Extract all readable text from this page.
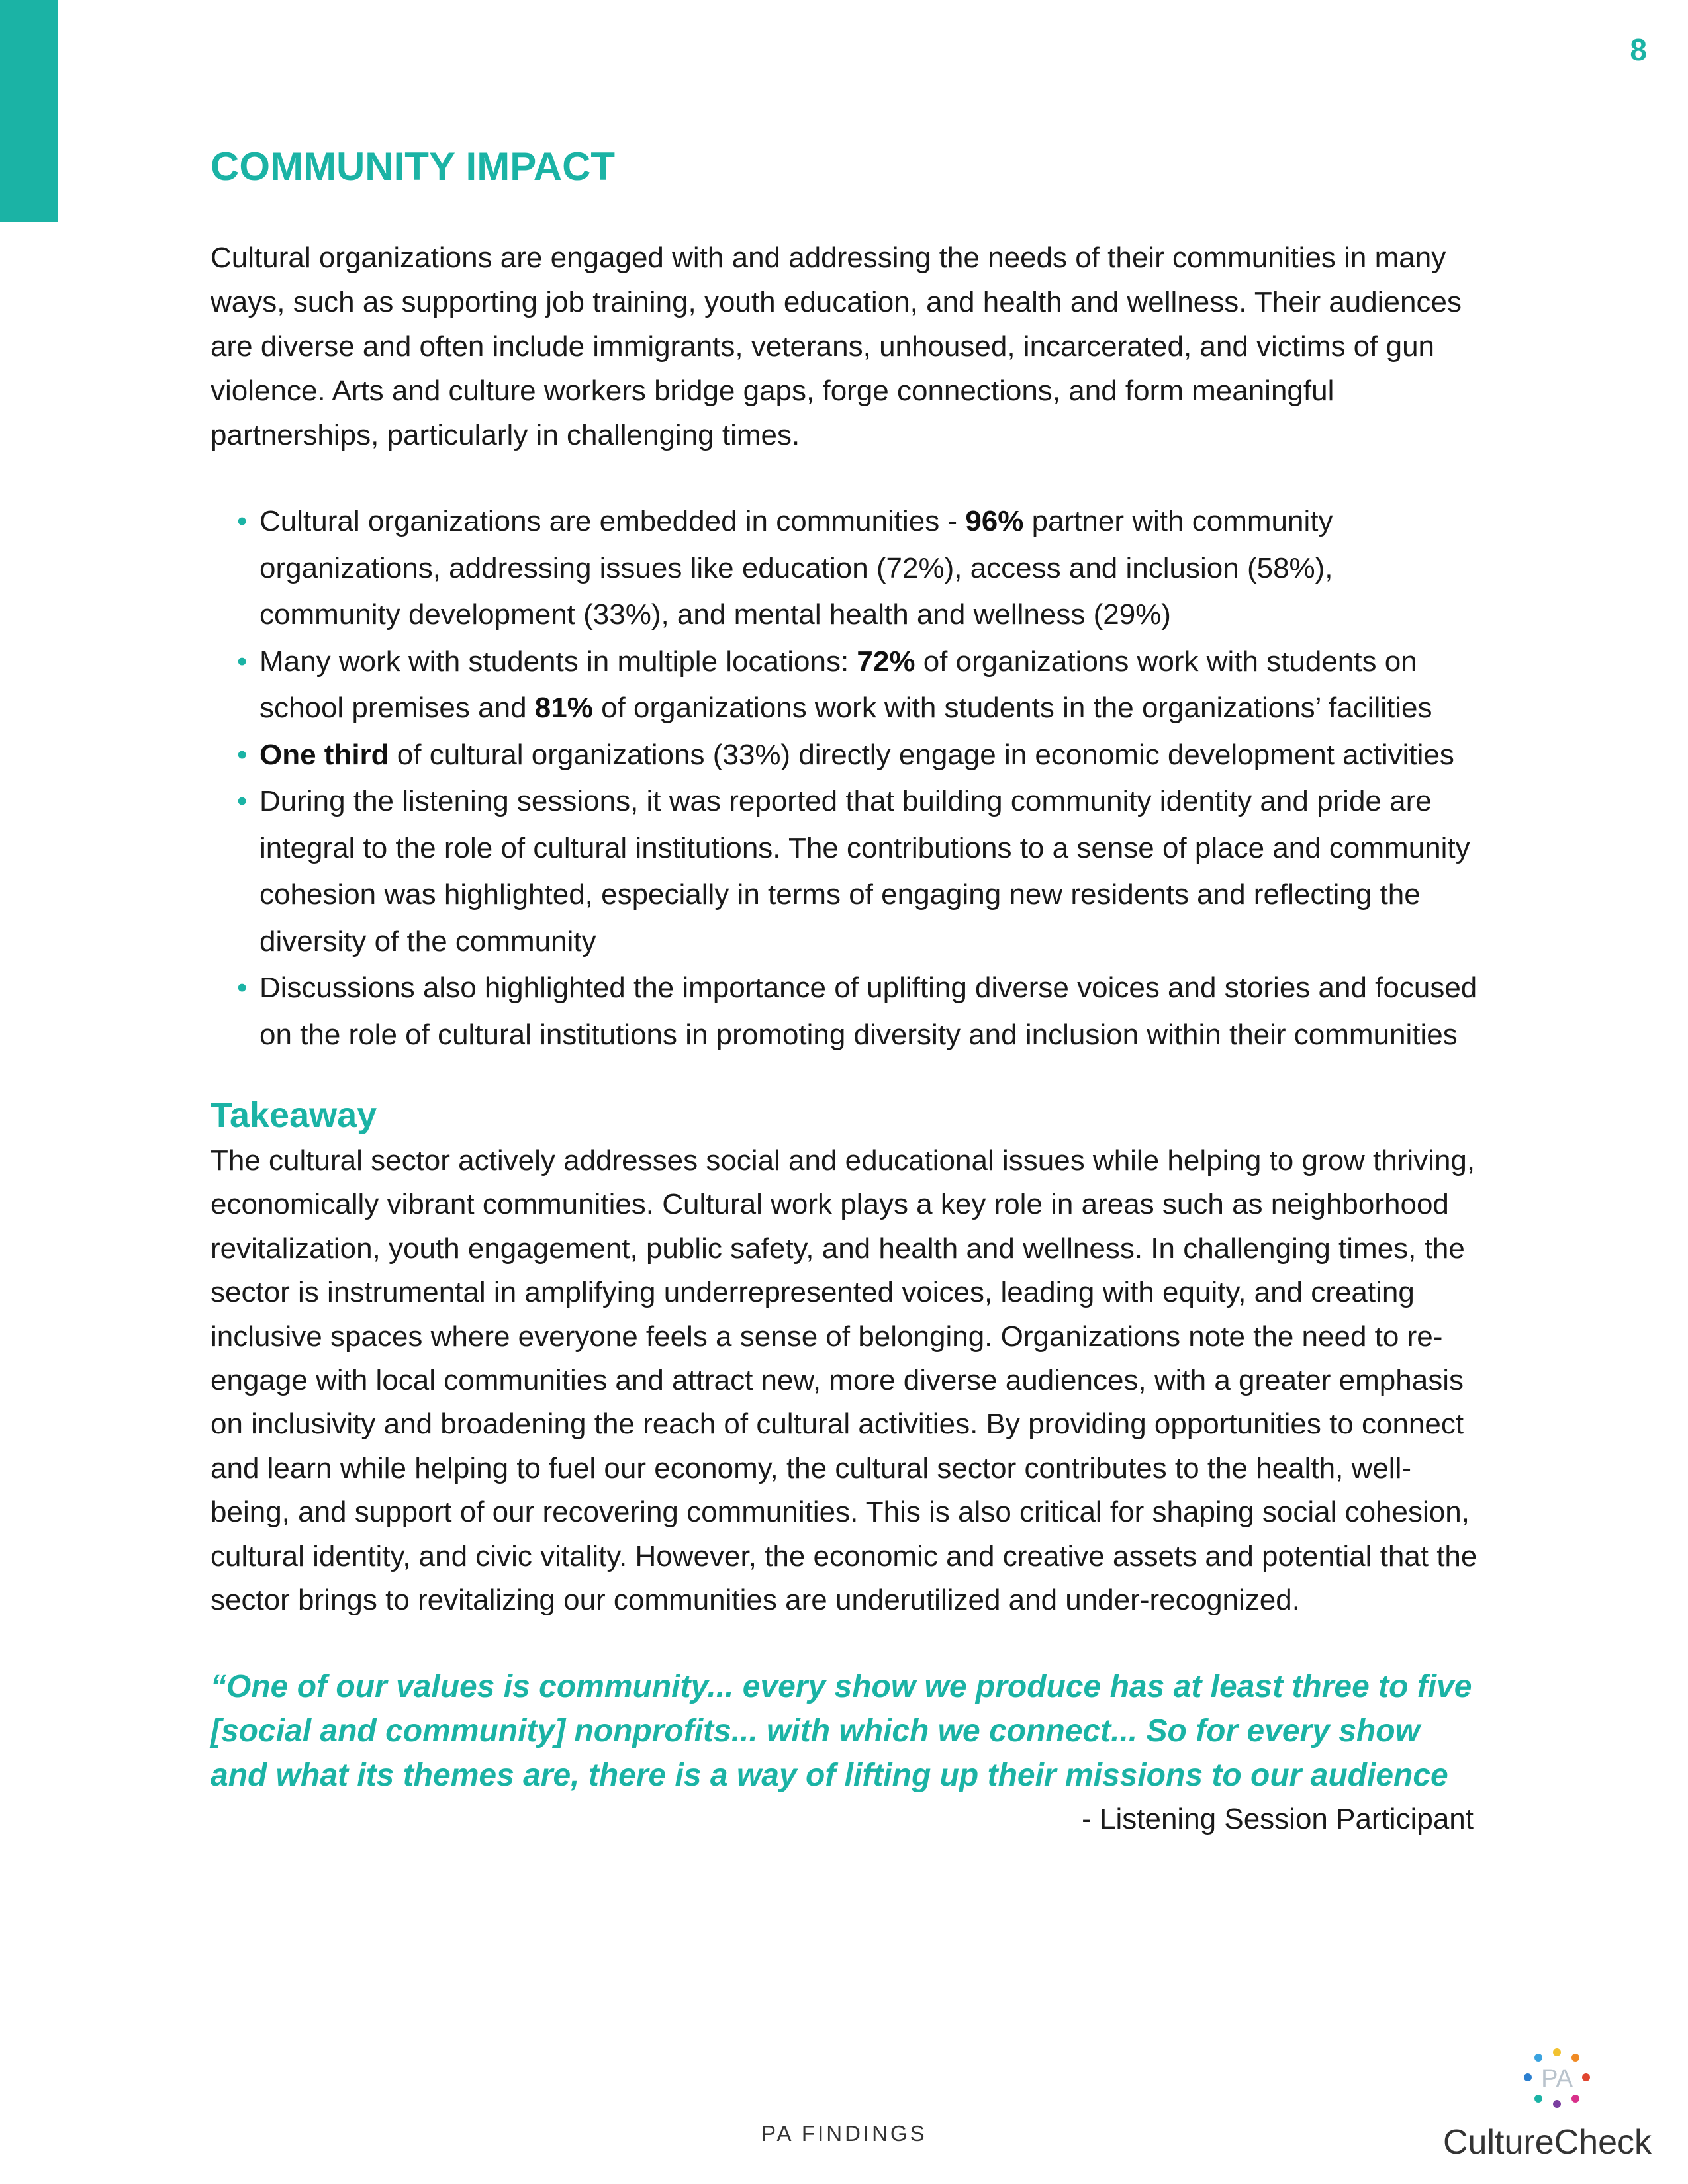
8
COMMUNITY IMPACT

Cultural organizations are engaged with and addressing the needs of their communities in many ways, such as supporting job training, youth education, and health and wellness. Their audiences are diverse and often include immigrants, veterans, unhoused, incarcerated, and victims of gun violence. Arts and culture workers bridge gaps, forge connections, and form meaningful partnerships, particularly in challenging times.

• Cultural organizations are embedded in communities - 96% partner with community organizations, addressing issues like education (72%), access and inclusion (58%), community development (33%), and mental health and wellness (29%)
• Many work with students in multiple locations: 72% of organizations work with students on school premises and 81% of organizations work with students in the organizations’ facilities
• One third of cultural organizations (33%) directly engage in economic development activities
• During the listening sessions, it was reported that building community identity and pride are integral to the role of cultural institutions. The contributions to a sense of place and community cohesion was highlighted, especially in terms of engaging new residents and reflecting the diversity of the community
• Discussions also highlighted the importance of uplifting diverse voices and stories and focused on the role of cultural institutions in promoting diversity and inclusion within their communities
Takeaway

The cultural sector actively addresses social and educational issues while helping to grow thriving, economically vibrant communities. Cultural work plays a key role in areas such as neighborhood revitalization, youth engagement, public safety, and health and wellness. In challenging times, the sector is instrumental in amplifying underrepresented voices, leading with equity, and creating inclusive spaces where everyone feels a sense of belonging. Organizations note the need to re-engage with local communities and attract new, more diverse audiences, with a greater emphasis on inclusivity and broadening the reach of cultural activities. By providing opportunities to connect and learn while helping to fuel our economy, the cultural sector contributes to the health, well-being, and support of our recovering communities. This is also critical for shaping social cohesion, cultural identity, and civic vitality. However, the economic and creative assets and potential that the sector brings to revitalizing our communities are underutilized and under-recognized.

“One of our values is community... every show we produce has at least three to five [social and community] nonprofits... with which we connect... So for every show and what its themes are, there is a way of lifting up their missions to our audience

- Listening Session Participant

PA FINDINGS
PA
CultureCheck
